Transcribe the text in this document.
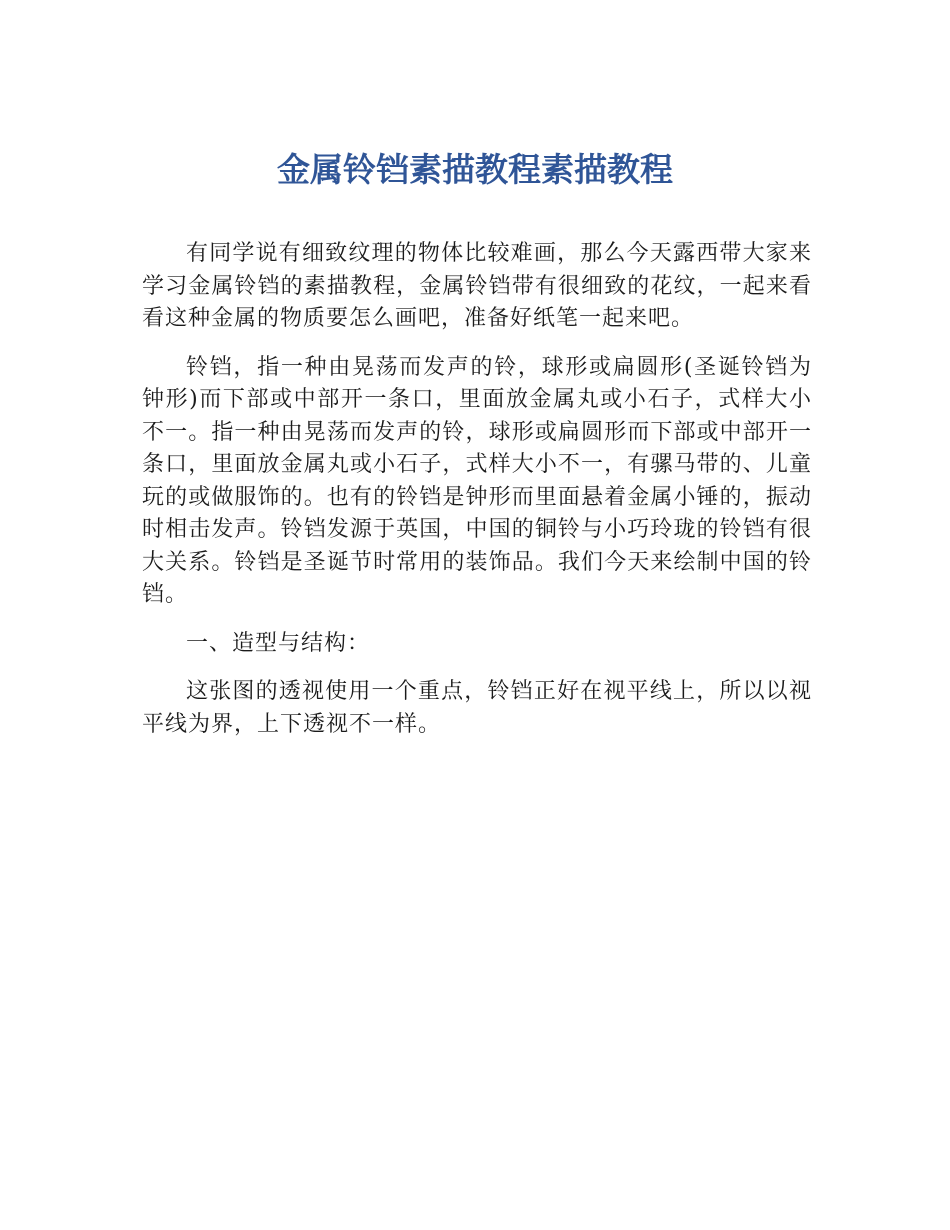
金属铃铛素描教程素描教程

有同学说有细致纹理的物体比较难画，那么今天露西带大家来学习金属铃铛的素描教程，金属铃铛带有很细致的花纹，一起来看看这种金属的物质要怎么画吧，准备好纸笔一起来吧。

铃铛，指一种由晃荡而发声的铃，球形或扁圆形(圣诞铃铛为钟形)而下部或中部开一条口，里面放金属丸或小石子，式样大小不一。指一种由晃荡而发声的铃，球形或扁圆形而下部或中部开一条口，里面放金属丸或小石子，式样大小不一，有骡马带的、儿童玩的或做服饰的。也有的铃铛是钟形而里面悬着金属小锤的，振动时相击发声。铃铛发源于英国，中国的铜铃与小巧玲珑的铃铛有很大关系。铃铛是圣诞节时常用的装饰品。我们今天来绘制中国的铃铛。

一、造型与结构：

这张图的透视使用一个重点，铃铛正好在视平线上，所以以视平线为界，上下透视不一样。
